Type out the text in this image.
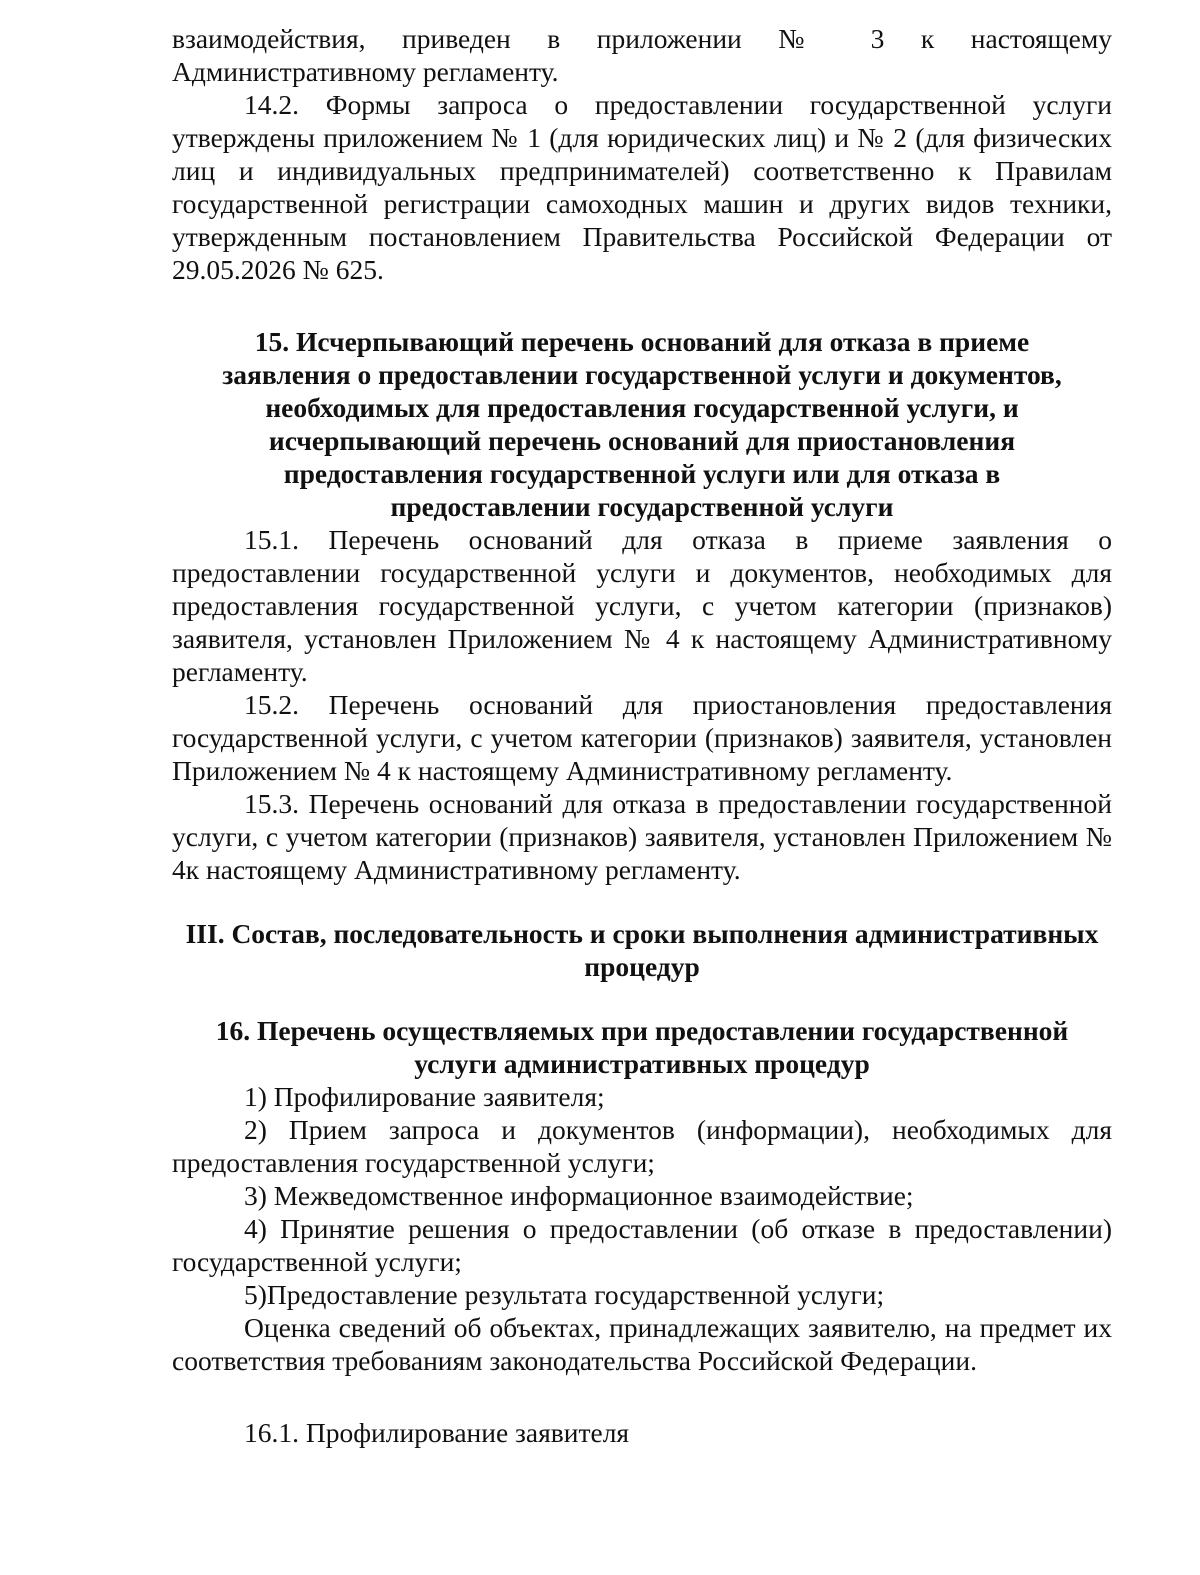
взаимодействия, приведен в приложении № 3 к настоящему Административному регламенту.

14.2. Формы запроса о предоставлении государственной услуги утверждены приложением № 1 (для юридических лиц) и № 2 (для физических лиц и индивидуальных предпринимателей) соответственно к Правилам государственной регистрации самоходных машин и других видов техники, утвержденным постановлением Правительства Российской Федерации от 29.05.2026 № 625.

15. Исчерпывающий перечень оснований для отказа в приеме
заявления о предоставлении государственной услуги и документов,
необходимых для предоставления государственной услуги, и
исчерпывающий перечень оснований для приостановления
предоставления государственной услуги или для отказа в
предоставлении государственной услуги

15.1. Перечень оснований для отказа в приеме заявления о предоставлении государственной услуги и документов, необходимых для предоставления государственной услуги, с учетом категории (признаков) заявителя, установлен Приложением № 4 к настоящему Административному регламенту.

15.2. Перечень оснований для приостановления предоставления государственной услуги, с учетом категории (признаков) заявителя, установлен Приложением № 4 к настоящему Административному регламенту.

15.3. Перечень оснований для отказа в предоставлении государственной услуги, с учетом категории (признаков) заявителя, установлен Приложением № 4к настоящему Административному регламенту.

III. Состав, последовательность и сроки выполнения административных
процедур
16. Перечень осуществляемых при предоставлении государственной
услуги административных процедур

1) Профилирование заявителя;

2) Прием запроса и документов (информации), необходимых для предоставления государственной услуги;

3) Межведомственное информационное взаимодействие;

4) Принятие решения о предоставлении (об отказе в предоставлении) государственной услуги;

5)Предоставление результата государственной услуги;

Оценка сведений об объектах, принадлежащих заявителю, на предмет их соответствия требованиям законодательства Российской Федерации.

16.1. Профилирование заявителя
